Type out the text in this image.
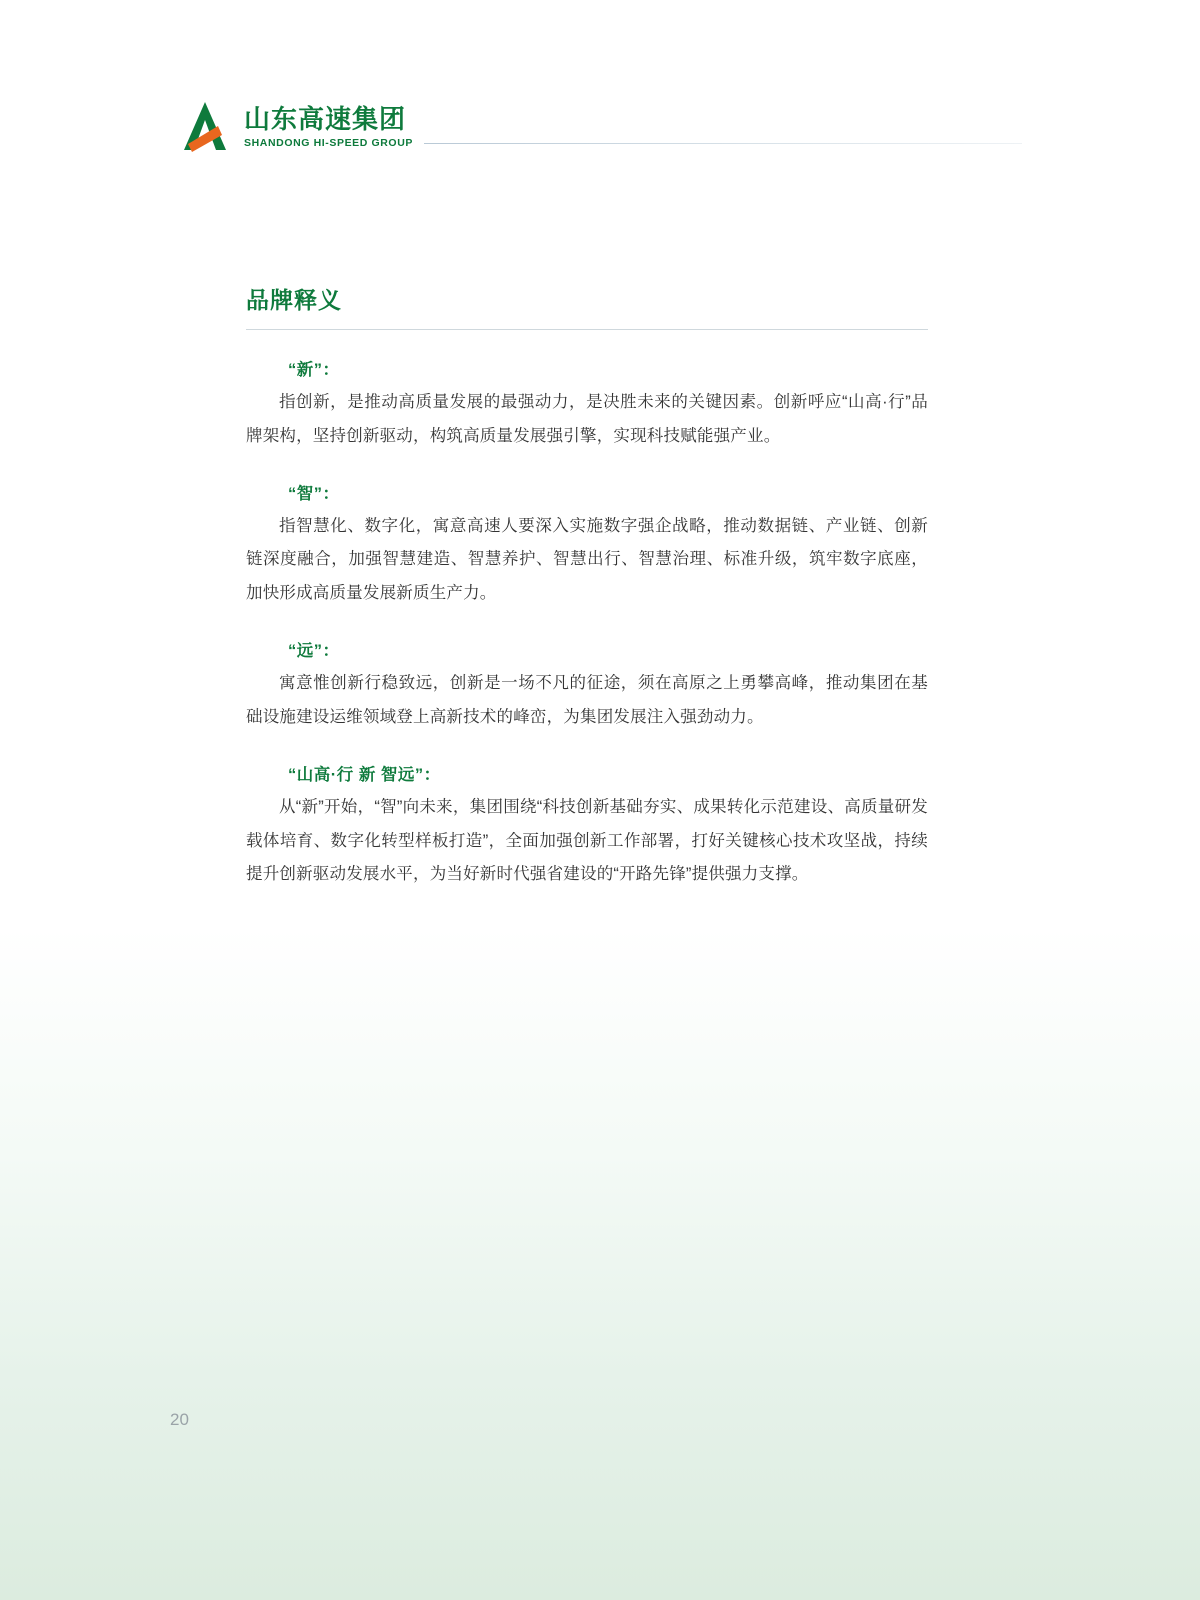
山东高速集团
SHANDONG HI-SPEED GROUP
品牌释义
“新”：

指创新，是推动高质量发展的最强动力，是决胜未来的关键因素。创新呼应“山高·行”品牌架构，坚持创新驱动，构筑高质量发展强引擎，实现科技赋能强产业。

“智”：

指智慧化、数字化，寓意高速人要深入实施数字强企战略，推动数据链、产业链、创新链深度融合，加强智慧建造、智慧养护、智慧出行、智慧治理、标准升级，筑牢数字底座，加快形成高质量发展新质生产力。

“远”：

寓意惟创新行稳致远，创新是一场不凡的征途，须在高原之上勇攀高峰，推动集团在基础设施建设运维领域登上高新技术的峰峦，为集团发展注入强劲动力。

“山高·行 新 智远”：

从“新”开始，“智”向未来，集团围绕“科技创新基础夯实、成果转化示范建设、高质量研发载体培育、数字化转型样板打造”，全面加强创新工作部署，打好关键核心技术攻坚战，持续提升创新驱动发展水平，为当好新时代强省建设的“开路先锋”提供强力支撑。

20
